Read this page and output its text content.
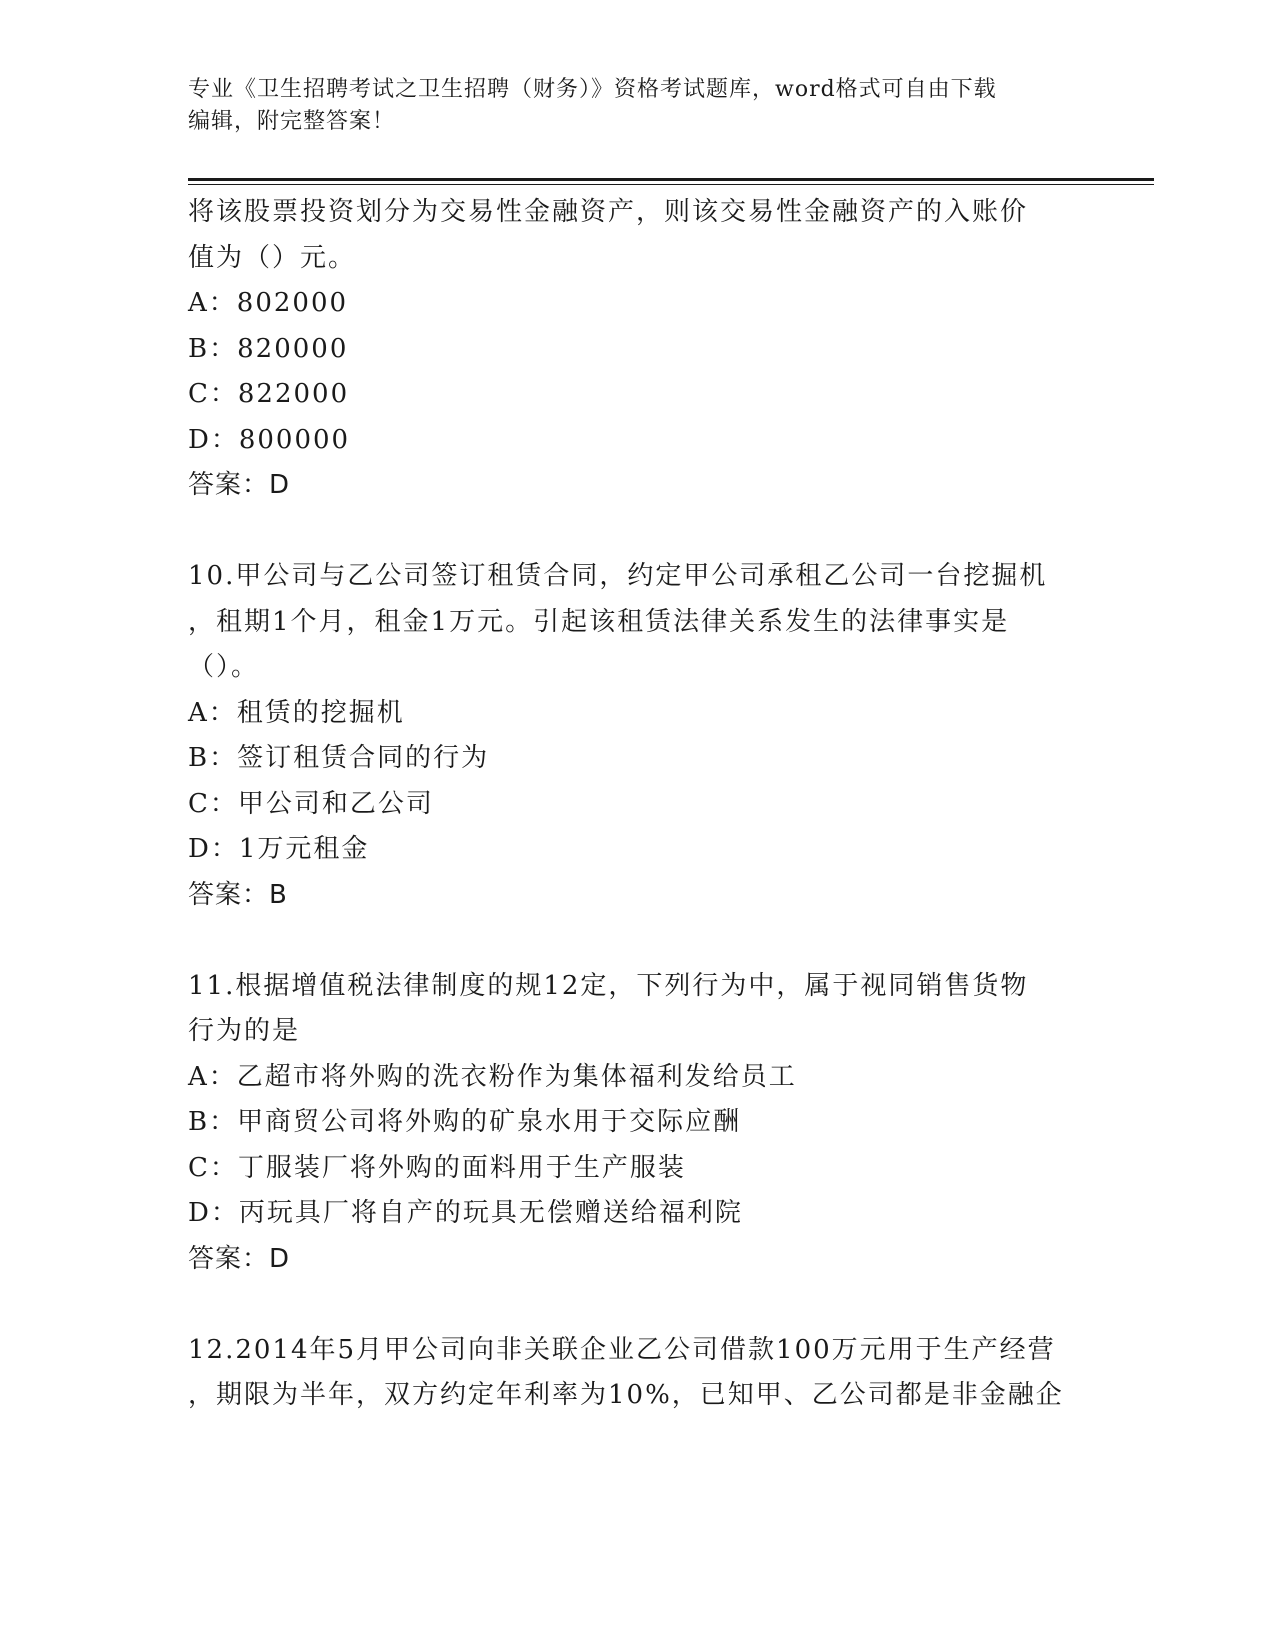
专业《卫生招聘考试之卫生招聘（财务）》资格考试题库，word格式可自由下载
编辑，附完整答案！
将该股票投资划分为交易性金融资产，则该交易性金融资产的入账价
值为（）元。
A：802000
B：820000
C：822000
D：800000
答案：D
10.甲公司与乙公司签订租赁合同，约定甲公司承租乙公司一台挖掘机
，租期1个月，租金1万元。引起该租赁法律关系发生的法律事实是
（）。
A：租赁的挖掘机
B：签订租赁合同的行为
C：甲公司和乙公司
D：1万元租金
答案：B
11.根据增值税法律制度的规12定，下列行为中，属于视同销售货物
行为的是
A：乙超市将外购的洗衣粉作为集体福利发给员工
B：甲商贸公司将外购的矿泉水用于交际应酬
C：丁服装厂将外购的面料用于生产服装
D：丙玩具厂将自产的玩具无偿赠送给福利院
答案：D
12.2014年5月甲公司向非关联企业乙公司借款100万元用于生产经营
，期限为半年，双方约定年利率为10%，已知甲、乙公司都是非金融企
